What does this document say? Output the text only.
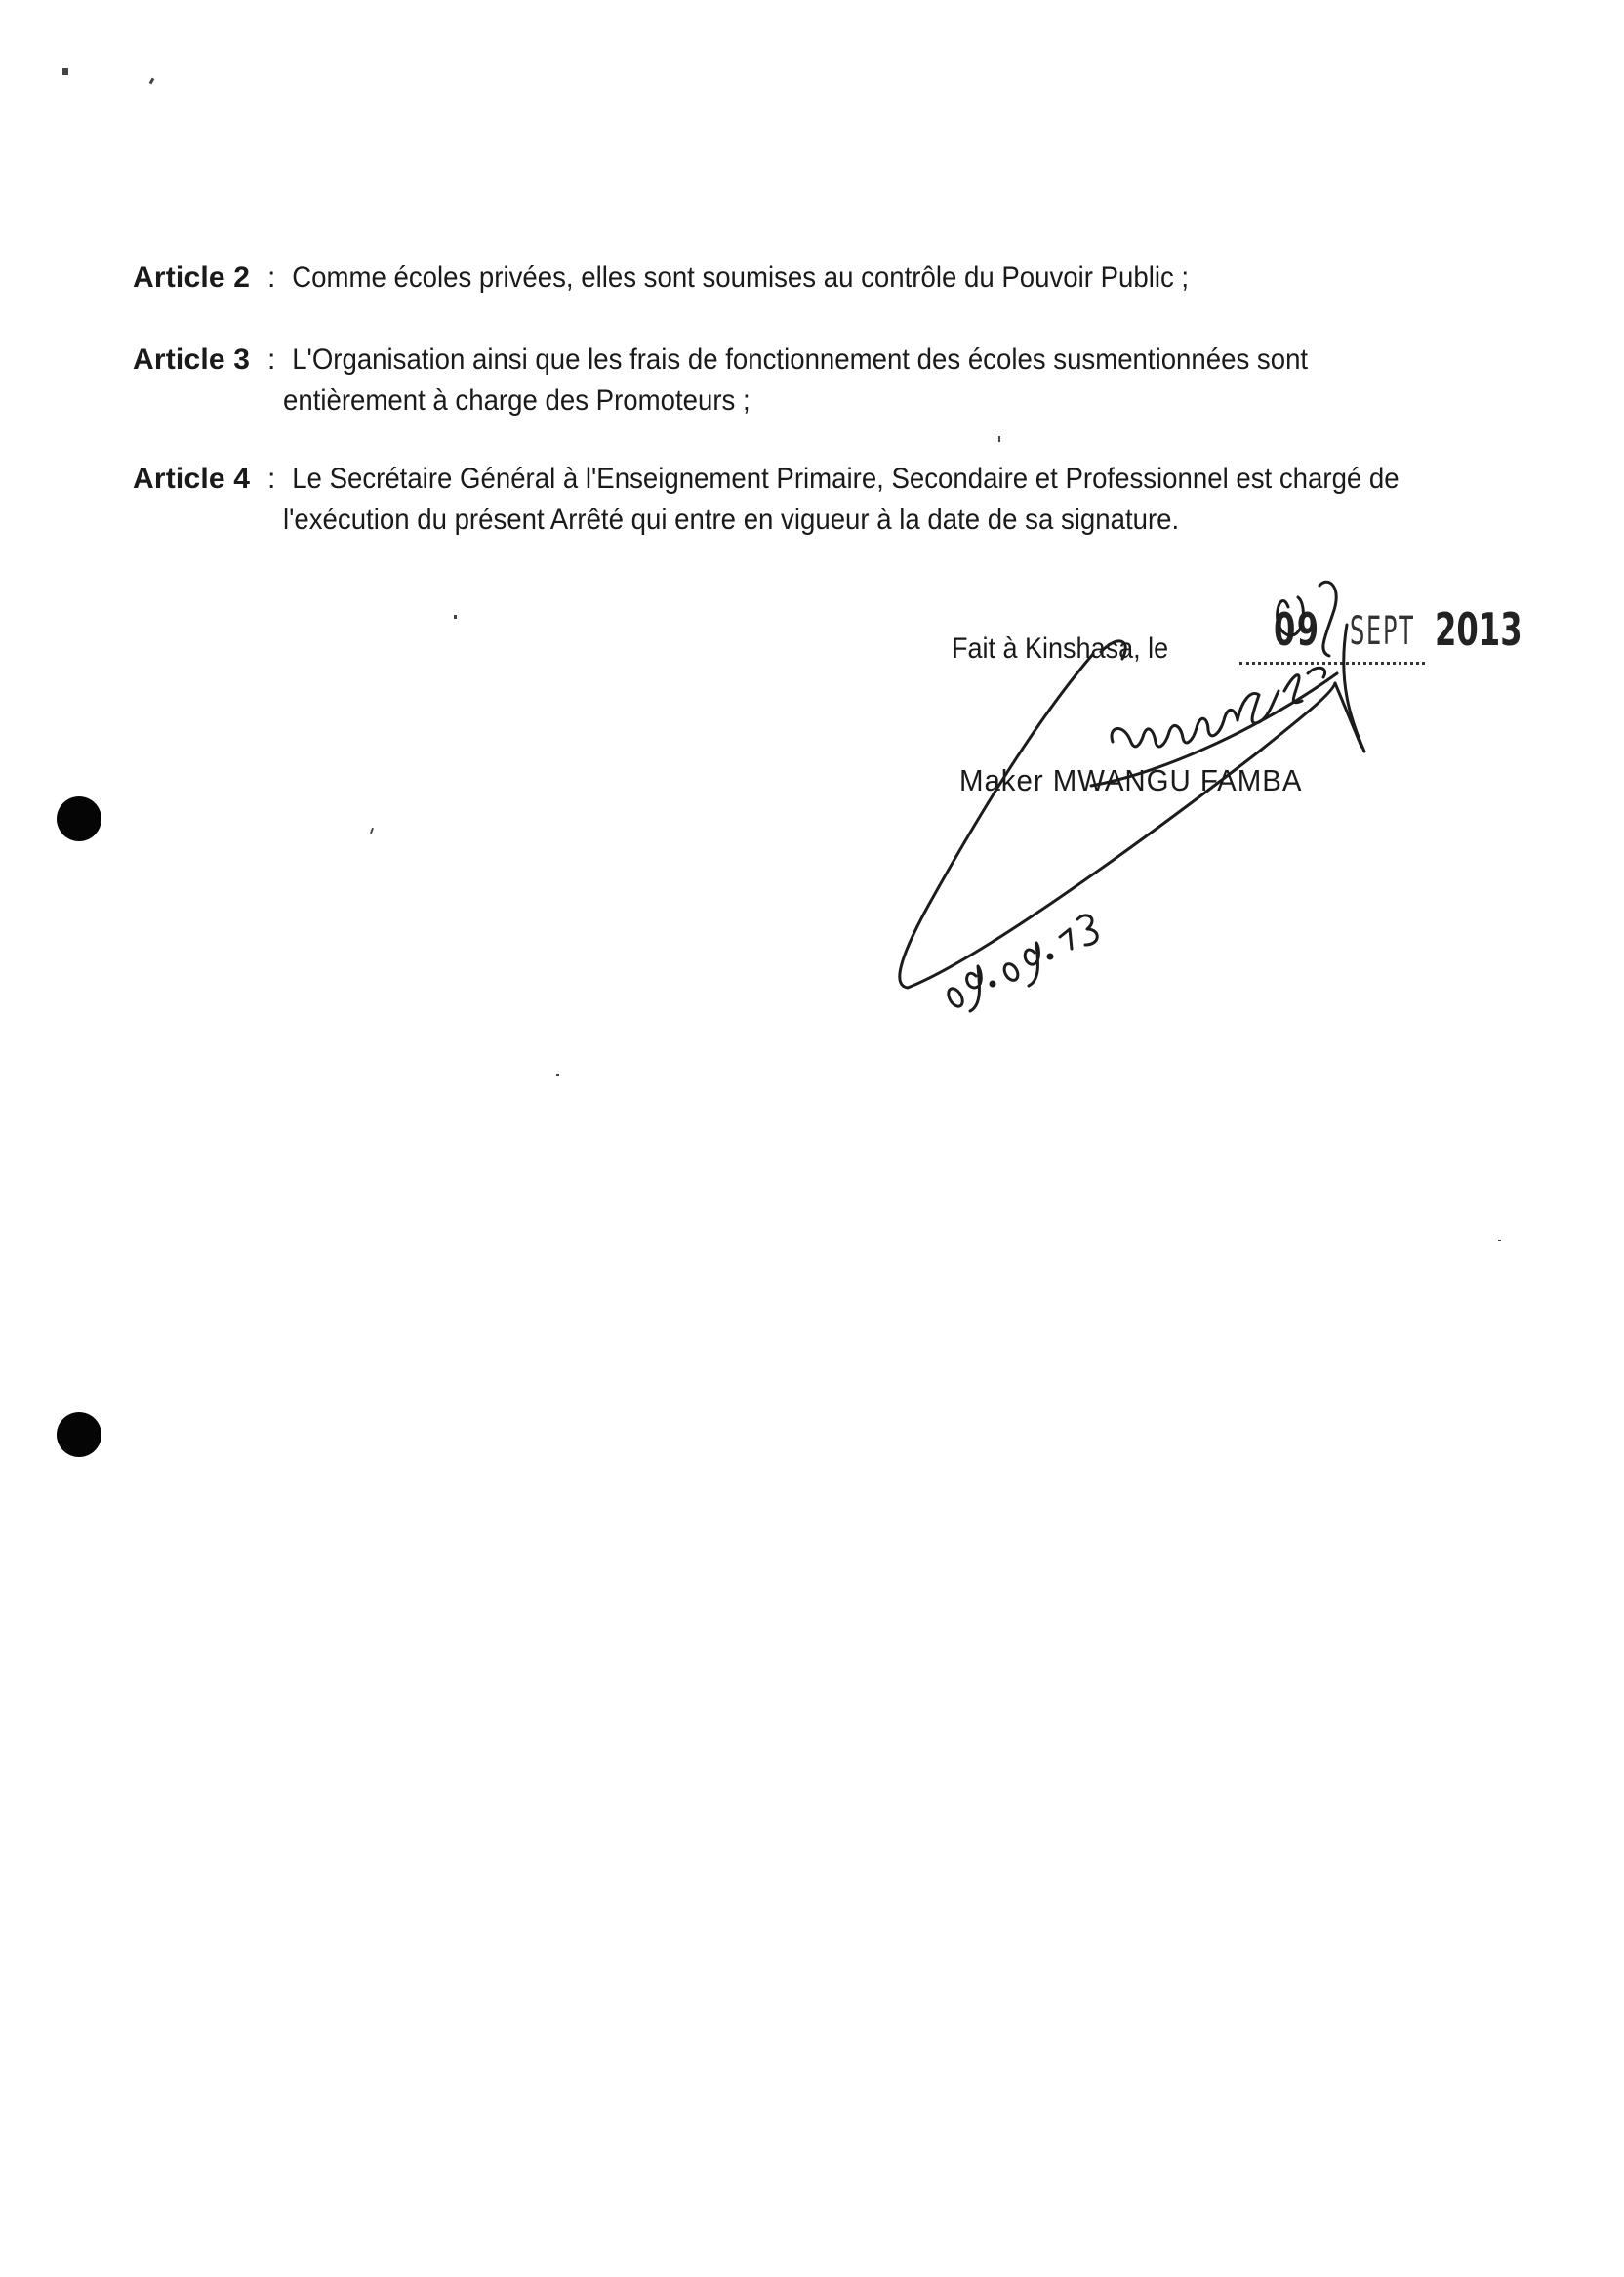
Article 2 : Comme écoles privées, elles sont soumises au contrôle du Pouvoir Public ;
Article 3 : L'Organisation ainsi que les frais de fonctionnement des écoles susmentionnées sont entièrement à charge des Promoteurs ;
Article 4 : Le Secrétaire Général à l'Enseignement Primaire, Secondaire et Professionnel est chargé de l'exécution du présent Arrêté qui entre en vigueur à la date de sa signature.
Fait à Kinshasa, le 09 SEPT 2013
Maker MWANGU FAMBA
